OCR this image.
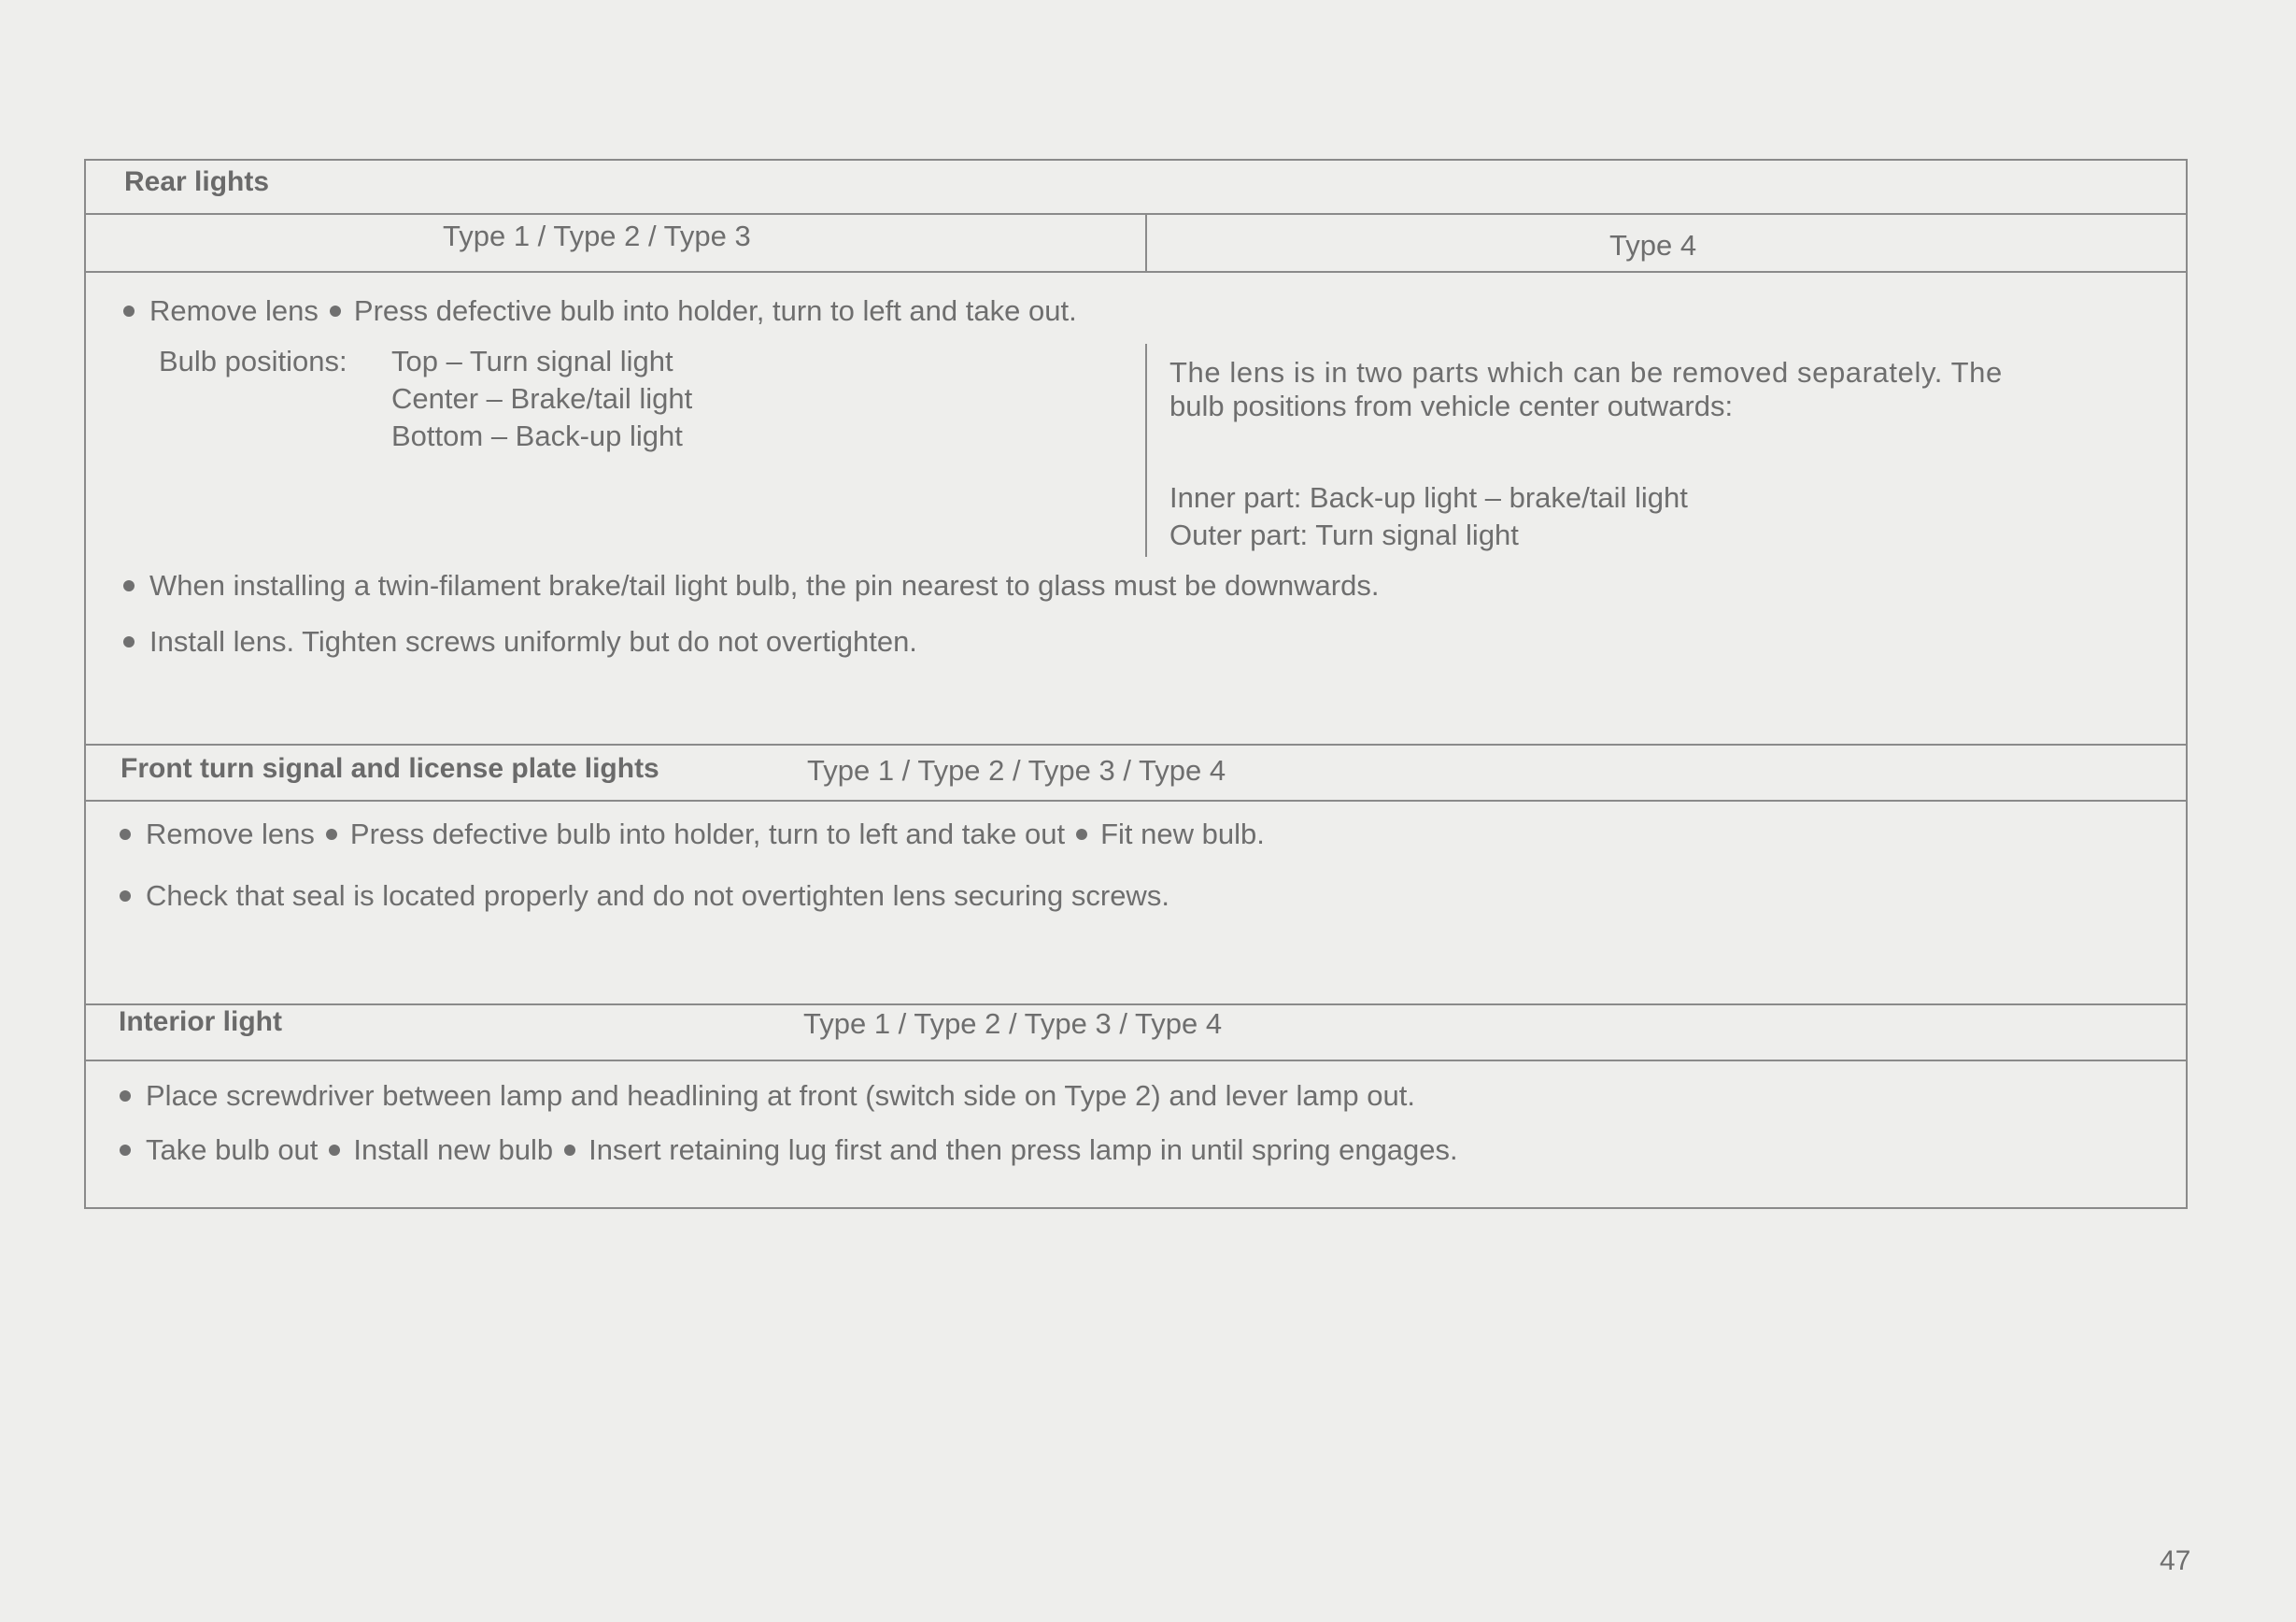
Rear lights
Type 1 / Type 2 / Type 3	Type 4
Remove lens Press defective bulb into holder, turn to left and take out.
Bulb positions: Top – Turn signal light
Center – Brake/tail light
Bottom – Back-up light
The lens is in two parts which can be removed separately. The
bulb positions from vehicle center outwards:
Inner part: Back-up light – brake/tail light
Outer part: Turn signal light
When installing a twin-filament brake/tail light bulb, the pin nearest to glass must be downwards.
Install lens. Tighten screws uniformly but do not overtighten.
Front turn signal and license plate lights	Type 1 / Type 2 / Type 3 / Type 4
Remove lens Press defective bulb into holder, turn to left and take out Fit new bulb.
Check that seal is located properly and do not overtighten lens securing screws.
Interior light	Type 1 / Type 2 / Type 3 / Type 4
Place screwdriver between lamp and headlining at front (switch side on Type 2) and lever lamp out.
Take bulb out Install new bulb Insert retaining lug first and then press lamp in until spring engages.
47
